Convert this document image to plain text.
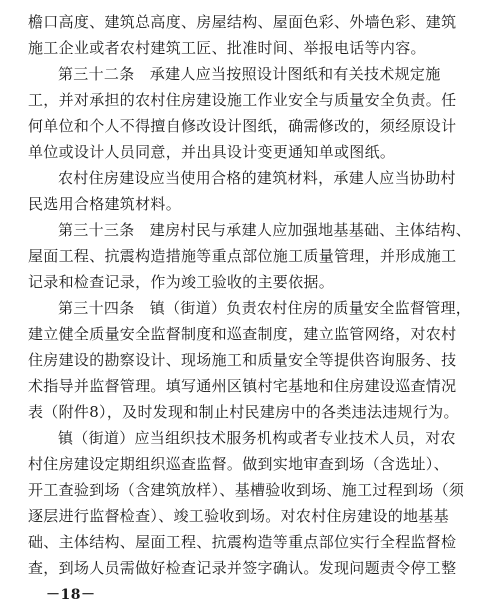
檐口高度、建筑总高度、房屋结构、屋面色彩、外墙色彩、建筑
施工企业或者农村建筑工匠、批准时间、举报电话等内容。
第三十二条　承建人应当按照设计图纸和有关技术规定施
工，并对承担的农村住房建设施工作业安全与质量安全负责。任
何单位和个人不得擅自修改设计图纸，确需修改的，须经原设计
单位或设计人员同意，并出具设计变更通知单或图纸。
农村住房建设应当使用合格的建筑材料，承建人应当协助村
民选用合格建筑材料。
第三十三条　建房村民与承建人应加强地基基础、主体结构、
屋面工程、抗震构造措施等重点部位施工质量管理，并形成施工
记录和检查记录，作为竣工验收的主要依据。
第三十四条　镇（街道）负责农村住房的质量安全监督管理，
建立健全质量安全监督制度和巡查制度，建立监管网络，对农村
住房建设的勘察设计、现场施工和质量安全等提供咨询服务、技
术指导并监督管理。填写通州区镇村宅基地和住房建设巡查情况
表（附件8），及时发现和制止村民建房中的各类违法违规行为。
镇（街道）应当组织技术服务机构或者专业技术人员，对农
村住房建设定期组织巡查监督。做到实地审查到场（含选址）、
开工查验到场（含建筑放样）、基槽验收到场、施工过程到场（须
逐层进行监督检查）、竣工验收到场。对农村住房建设的地基基
础、主体结构、屋面工程、抗震构造等重点部位实行全程监督检
查，到场人员需做好检查记录并签字确认。发现问题责令停工整
－18－
